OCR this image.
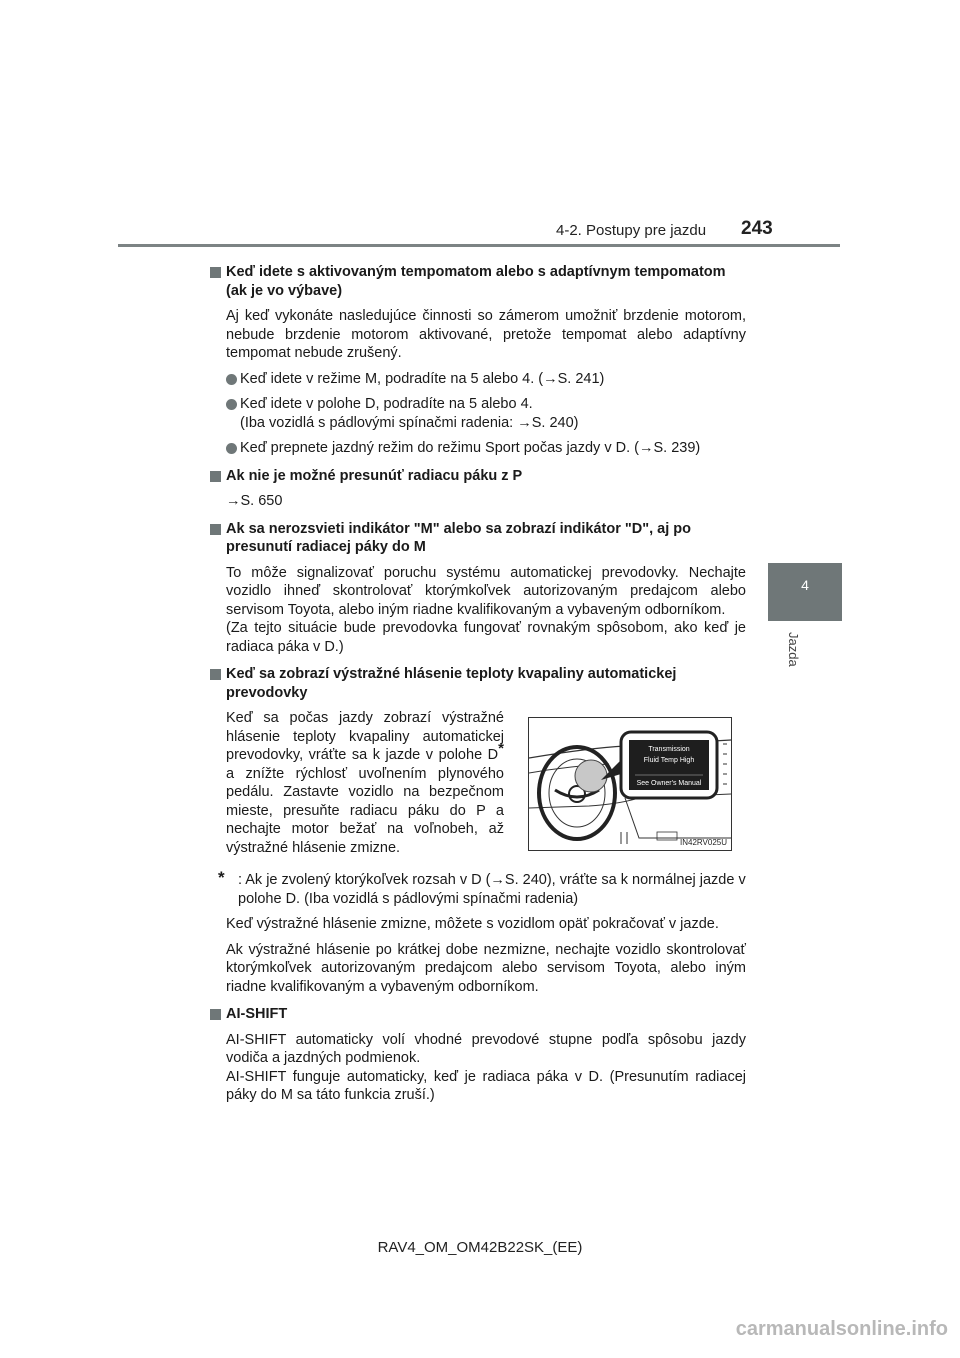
4-2. Postupy pre jazdu 243
4
Jazda

Keď idete s aktivovaným tempomatom alebo s adaptívnym tempomatom (ak je vo výbave)

Aj keď vykonáte nasledujúce činnosti so zámerom umožniť brzdenie motorom, nebude brzdenie motorom aktivované, pretože tempomat alebo adaptívny tempomat nebude zrušený.

Keď idete v režime M, podradíte na 5 alebo 4. (→S. 241)

Keď idete v polohe D, podradíte na 5 alebo 4.
(Iba vozidlá s pádlovými spínačmi radenia: →S. 240)

Keď prepnete jazdný režim do režimu Sport počas jazdy v D. (→S. 239)

Ak nie je možné presunúť radiacu páku z P

→S. 650

Ak sa nerozsvieti indikátor "M" alebo sa zobrazí indikátor "D", aj po presunutí radiacej páky do M

To môže signalizovať poruchu systému automatickej prevodovky. Nechajte vozidlo ihneď skontrolovať ktorýmkoľvek autorizovaným predajcom alebo servisom Toyota, alebo iným riadne kvalifikovaným a vybaveným odborníkom.
(Za tejto situácie bude prevodovka fungovať rovnakým spôsobom, ako keď je radiaca páka v D.)

Keď sa zobrazí výstražné hlásenie teploty kvapaliny automatickej prevodovky

Keď sa počas jazdy zobrazí výstražné hlásenie teploty kvapaliny automatickej prevodovky, vráťte sa k jazde v polohe D* a znížte rýchlosť uvoľnením plynového pedálu. Zastavte vozidlo na bezpečnom mieste, presuňte radiacu páku do P a nechajte motor bežať na voľnobeh, až výstražné hlásenie zmizne.
Transmission
Fluid Temp High
See Owner's Manual
IN42RV025U
* : Ak je zvolený ktorýkoľvek rozsah v D (→S. 240), vráťte sa k normálnej jazde v polohe D. (Iba vozidlá s pádlovými spínačmi radenia)

Keď výstražné hlásenie zmizne, môžete s vozidlom opäť pokračovať v jazde.

Ak výstražné hlásenie po krátkej dobe nezmizne, nechajte vozidlo skontrolovať ktorýmkoľvek autorizovaným predajcom alebo servisom Toyota, alebo iným riadne kvalifikovaným a vybaveným odborníkom.

AI-SHIFT

AI-SHIFT automaticky volí vhodné prevodové stupne podľa spôsobu jazdy vodiča a jazdných podmienok.
AI-SHIFT funguje automaticky, keď je radiaca páka v D. (Presunutím radiacej páky do M sa táto funkcia zruší.)

RAV4_OM_OM42B22SK_(EE)
carmanualsonline.info
